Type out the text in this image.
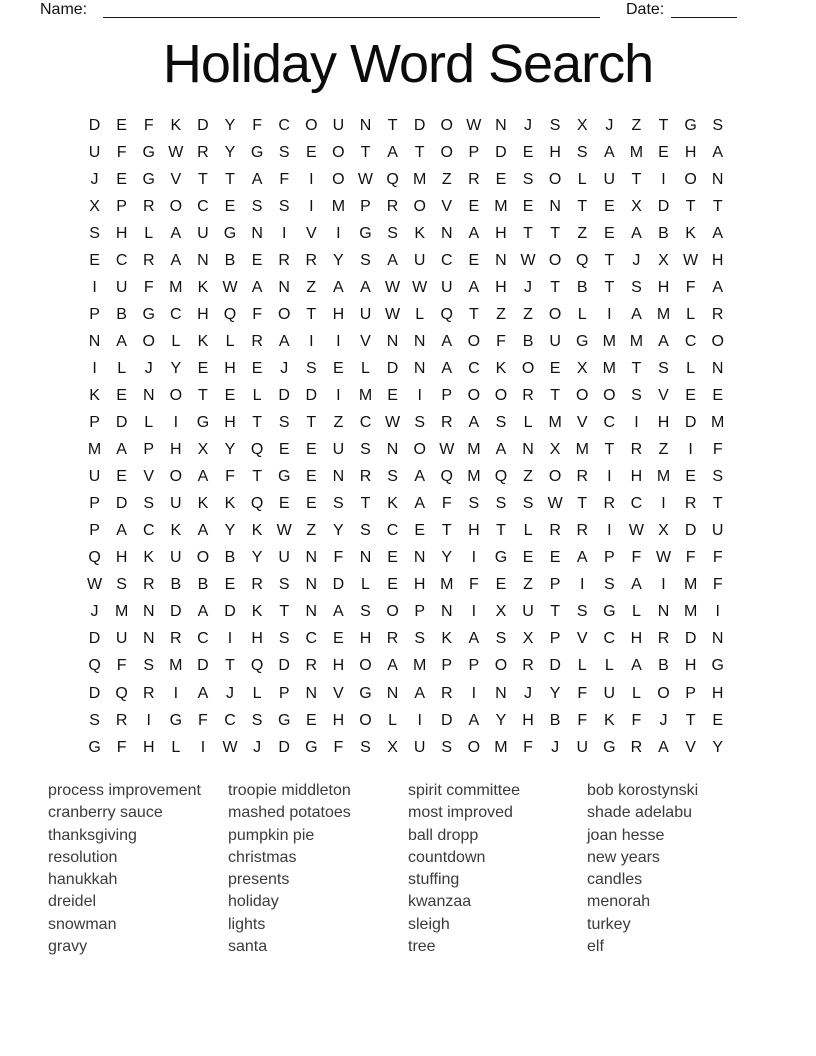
Name:	Date:
Holiday Word Search
D E	F	K D Y	F	C O U N	T	D O W N	J	S	X	J	Z	T G S
U	F G W R Y G S	E O T	A	T O P D E H S	A M E H A
J	E G V	T	T	A	F	I	O W Q M Z	R E	S O	L	U	T	I	O N
X	P R O C E	S	S	I	M P R O V	E M E N	T	E	X D	T	T
S H	L	A U G N	I	V	I	G S	K N A H	T	T	Z	E	A	B	K	A
E C R A N B	E R R Y	S	A U C E N W O Q T	J	X W H
I	U	F M K W A N	Z	A	A W W U A H	J	T	B	T	S H	F	A
P	B G C H Q F O T	H U W L	Q T	Z	Z O	L	I	A M L	R
N A O	L	K	L	R A	I	I	V N N A O F	B U G M M A C O
I	L	J	Y	E H E	J	S	E	L	D N A C K O E	X M T	S	L	N
K	E N O T	E	L	D D	I	M E	I	P O O R	T O O S	V	E	E
P D	L	I	G H	T	S	T	Z	C W S R A	S	L M V C	I	H D M
M A	P H X	Y Q E	E U S N O W M A N X M T	R	Z	I	F
U E	V O A	F	T G E N R S	A Q M Q Z O R	I	H M E	S
P D S U K	K Q E	E	S	T	K	A	F	S	S	S W T	R C	I	R	T
P	A C K	A	Y	K W Z	Y	S C E	T	H	T	L	R R	I	W X D U
Q H K U O B	Y U N	F	N E N Y	I	G E	E	A	P	F W F	F
W S R B	B	E R S N D	L	E H M F	E	Z	P	I	S	A	I	M F
J	M N D A D K	T	N A	S O P N	I	X U	T	S G	L	N M	I
D U N R C	I	H S C E H R S	K	A	S	X	P	V C H R D N
Q F	S M D	T Q D R H O A M P	P O R D	L	L	A	B H G
D Q R	I	A	J	L	P N V G N A R	I	N	J	Y	F	U	L	O P H
S R	I	G F	C S G E H O	L	I	D A	Y H B	F	K	F	J	T	E
G F	H	L	I	W J	D G F	S	X U S O M F	J	U G R A	V	Y
process improvement
cranberry sauce
thanksgiving
resolution
hanukkah
dreidel
snowman
gravy
troopie middleton
mashed potatoes
pumpkin pie
christmas
presents
holiday
lights
santa
spirit committee
most improved
ball dropp
countdown
stuffing
kwanzaa
sleigh
tree
bob korostynski
shade adelabu
joan hesse
new years
candles
menorah
turkey
elf
